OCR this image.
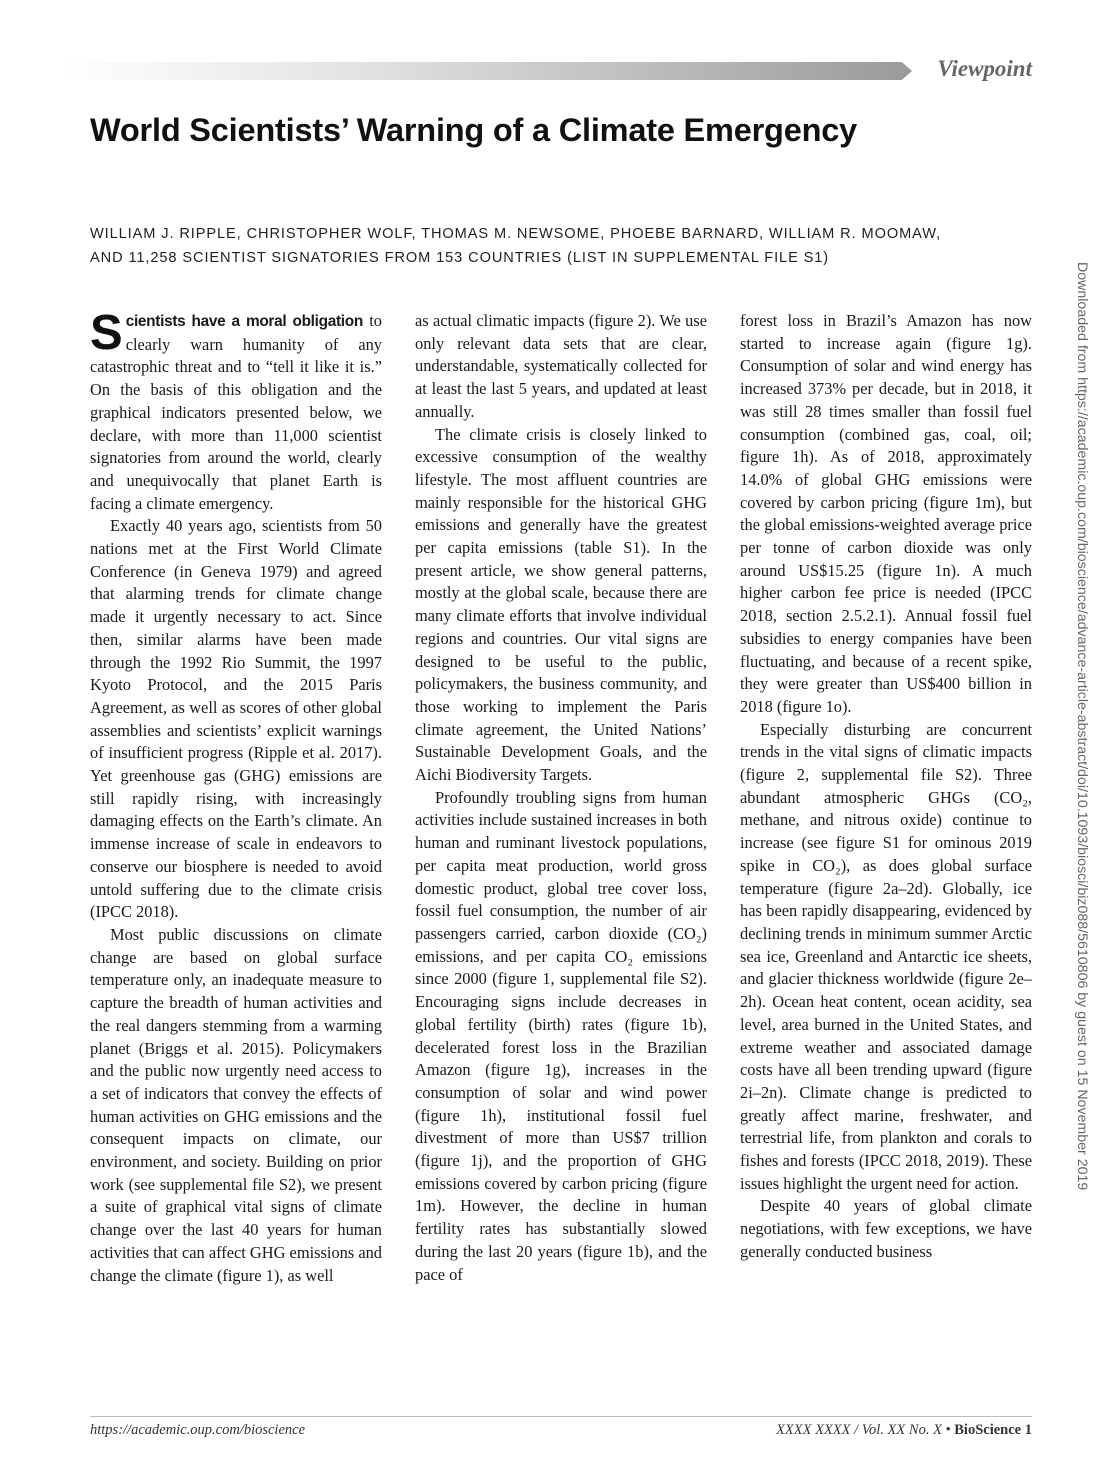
Viewpoint
World Scientists’ Warning of a Climate Emergency
WILLIAM J. RIPPLE, CHRISTOPHER WOLF, THOMAS M. NEWSOME, PHOEBE BARNARD, WILLIAM R. MOOMAW,
AND 11,258 SCIENTIST SIGNATORIES FROM 153 COUNTRIES (LIST IN SUPPLEMENTAL FILE S1)
Downloaded from https://academic.oup.com/bioscience/advance-article-abstract/doi/10.1093/biosci/biz088/5610806 by guest on 15 November 2019

Scientists have a moral obligation to clearly warn humanity of any catastrophic threat and to “tell it like it is.” On the basis of this obligation and the graphical indicators presented below, we declare, with more than 11,000 scientist signatories from around the world, clearly and unequivocally that planet Earth is facing a climate emergency.

Exactly 40 years ago, scientists from 50 nations met at the First World Climate Conference (in Geneva 1979) and agreed that alarming trends for climate change made it urgently necessary to act. Since then, similar alarms have been made through the 1992 Rio Summit, the 1997 Kyoto Protocol, and the 2015 Paris Agreement, as well as scores of other global assemblies and scientists’ explicit warnings of insufficient progress (Ripple et al. 2017). Yet greenhouse gas (GHG) emissions are still rapidly rising, with increasingly damaging effects on the Earth’s climate. An immense increase of scale in endeavors to conserve our biosphere is needed to avoid untold suffering due to the climate crisis (IPCC 2018).

Most public discussions on climate change are based on global surface temperature only, an inadequate measure to capture the breadth of human activities and the real dangers stemming from a warming planet (Briggs et al. 2015). Policymakers and the public now urgently need access to a set of indicators that convey the effects of human activities on GHG emissions and the consequent impacts on climate, our environment, and society. Building on prior work (see supplemental file S2), we present a suite of graphical vital signs of climate change over the last 40 years for human activities that can affect GHG emissions and change the climate (figure 1), as well

as actual climatic impacts (figure 2). We use only relevant data sets that are clear, understandable, systematically collected for at least the last 5 years, and updated at least annually.

The climate crisis is closely linked to excessive consumption of the wealthy lifestyle. The most affluent countries are mainly responsible for the historical GHG emissions and generally have the greatest per capita emissions (table S1). In the present article, we show general patterns, mostly at the global scale, because there are many climate efforts that involve individual regions and countries. Our vital signs are designed to be useful to the public, policymakers, the business community, and those working to implement the Paris climate agreement, the United Nations’ Sustainable Development Goals, and the Aichi Biodiversity Targets.

Profoundly troubling signs from human activities include sustained increases in both human and ruminant livestock populations, per capita meat production, world gross domestic product, global tree cover loss, fossil fuel consumption, the number of air passengers carried, carbon dioxide (CO₂) emissions, and per capita CO₂ emissions since 2000 (figure 1, supplemental file S2). Encouraging signs include decreases in global fertility (birth) rates (figure 1b), decelerated forest loss in the Brazilian Amazon (figure 1g), increases in the consumption of solar and wind power (figure 1h), institutional fossil fuel divestment of more than US$7 trillion (figure 1j), and the proportion of GHG emissions covered by carbon pricing (figure 1m). However, the decline in human fertility rates has substantially slowed during the last 20 years (figure 1b), and the pace of

forest loss in Brazil’s Amazon has now started to increase again (figure 1g). Consumption of solar and wind energy has increased 373% per decade, but in 2018, it was still 28 times smaller than fossil fuel consumption (combined gas, coal, oil; figure 1h). As of 2018, approximately 14.0% of global GHG emissions were covered by carbon pricing (figure 1m), but the global emissions-weighted average price per tonne of carbon dioxide was only around US$15.25 (figure 1n). A much higher carbon fee price is needed (IPCC 2018, section 2.5.2.1). Annual fossil fuel subsidies to energy companies have been fluctuating, and because of a recent spike, they were greater than US$400 billion in 2018 (figure 1o).

Especially disturbing are concurrent trends in the vital signs of climatic impacts (figure 2, supplemental file S2). Three abundant atmospheric GHGs (CO₂, methane, and nitrous oxide) continue to increase (see figure S1 for ominous 2019 spike in CO₂), as does global surface temperature (figure 2a–2d). Globally, ice has been rapidly disappearing, evidenced by declining trends in minimum summer Arctic sea ice, Greenland and Antarctic ice sheets, and glacier thickness worldwide (figure 2e–2h). Ocean heat content, ocean acidity, sea level, area burned in the United States, and extreme weather and associated damage costs have all been trending upward (figure 2i–2n). Climate change is predicted to greatly affect marine, freshwater, and terrestrial life, from plankton and corals to fishes and forests (IPCC 2018, 2019). These issues highlight the urgent need for action.

Despite 40 years of global climate negotiations, with few exceptions, we have generally conducted business

https://academic.oup.com/bioscience	XXXX XXXX / Vol. XX No. X • BioScience 1
